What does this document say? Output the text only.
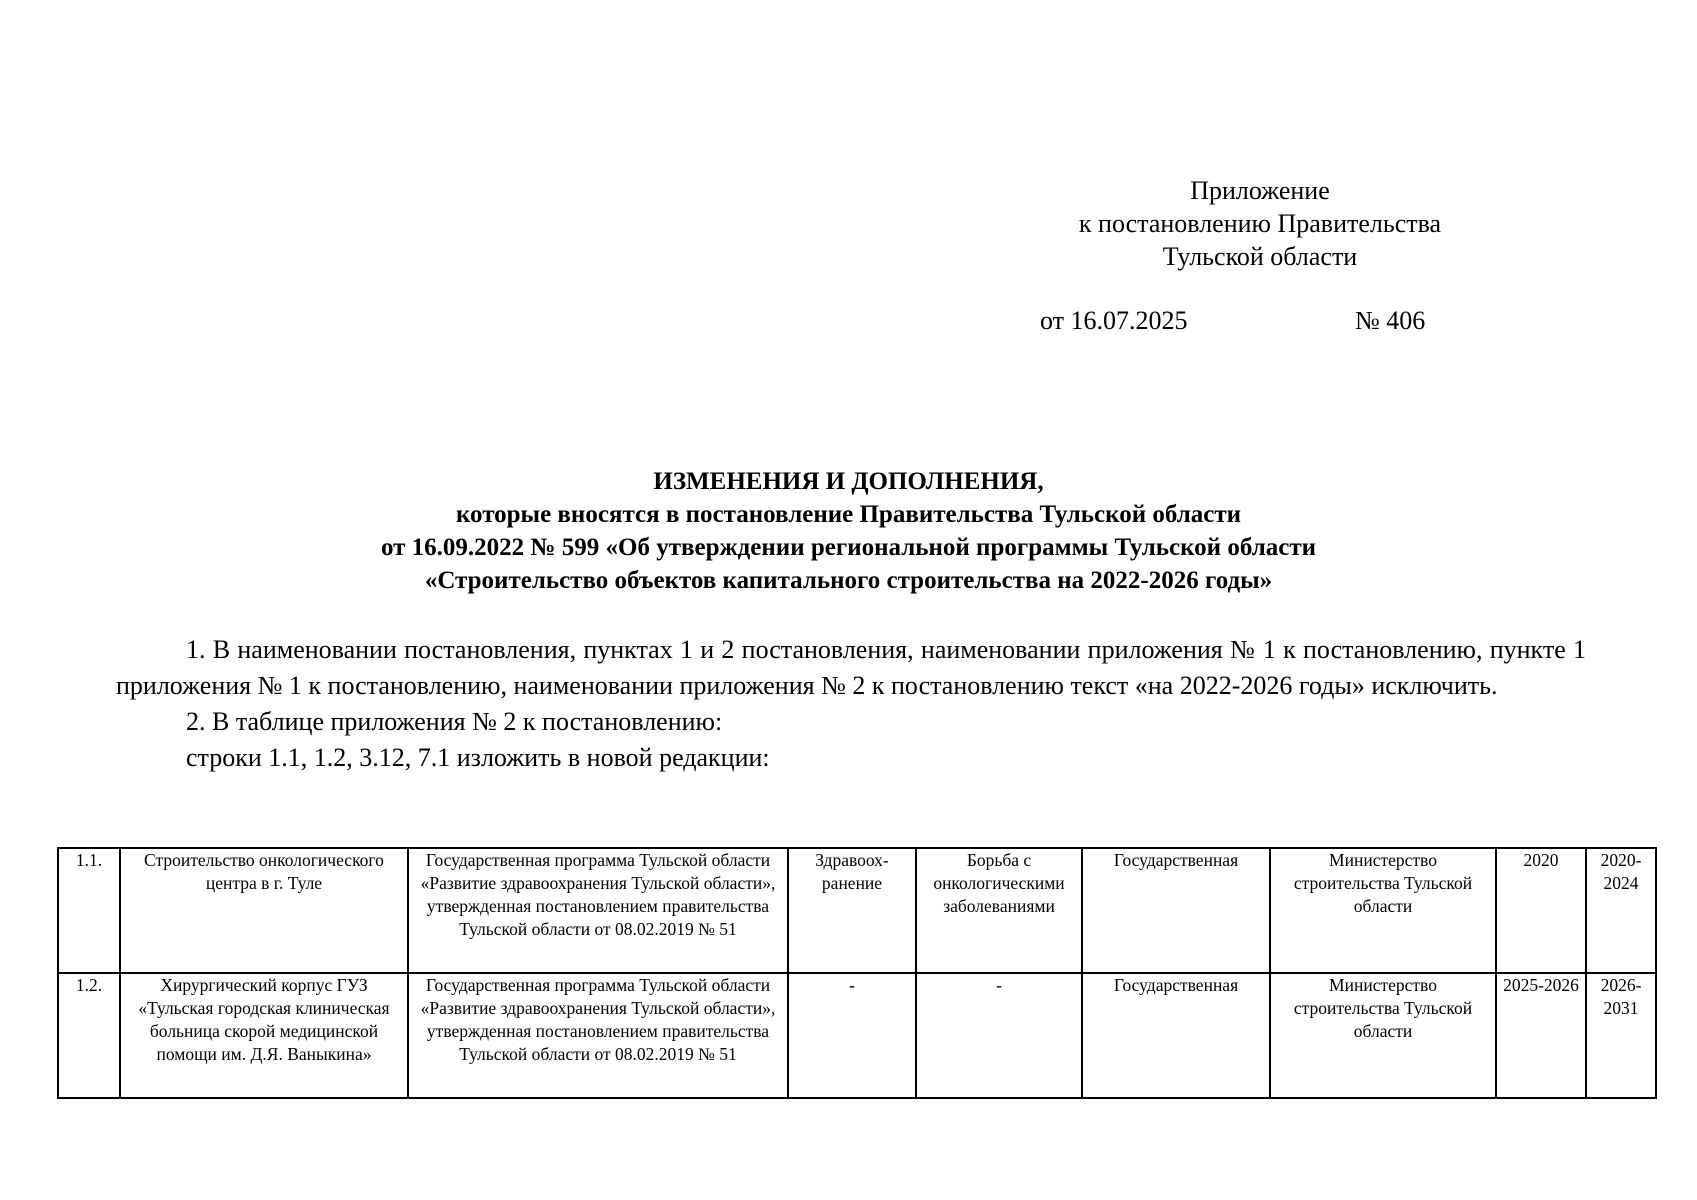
Приложение
к постановлению Правительства
Тульской области
от 16.07.2025	№ 406
ИЗМЕНЕНИЯ И ДОПОЛНЕНИЯ,
которые вносятся в постановление Правительства Тульской области
от 16.09.2022 № 599 «Об утверждении региональной программы Тульской области
«Строительство объектов капитального строительства на 2022-2026 годы»

1. В наименовании постановления, пунктах 1 и 2 постановления, наименовании приложения № 1 к постановлению, пункте 1 приложения № 1 к постановлению, наименовании приложения № 2 к постановлению текст «на 2022-2026 годы» исключить.

2. В таблице приложения № 2 к постановлению:

строки 1.1, 1.2, 3.12, 7.1 изложить в новой редакции:

1.1.	Строительство онкологического центра в г. Туле	Государственная программа Тульской области «Развитие здравоохранения Тульской области», утвержденная постановлением правительства Тульской области от 08.02.2019 № 51	Здравоох-ранение	Борьба с онкологическими заболеваниями	Государственная	Министерство строительства Тульской области	2020	2020-2024
1.2.	Хирургический корпус ГУЗ «Тульская городская клиническая больница скорой медицинской помощи им. Д.Я. Ваныкина»	Государственная программа Тульской области «Развитие здравоохранения Тульской области», утвержденная постановлением правительства Тульской области от 08.02.2019 № 51	-	-	Государственная	Министерство строительства Тульской области	2025-2026	2026-2031
